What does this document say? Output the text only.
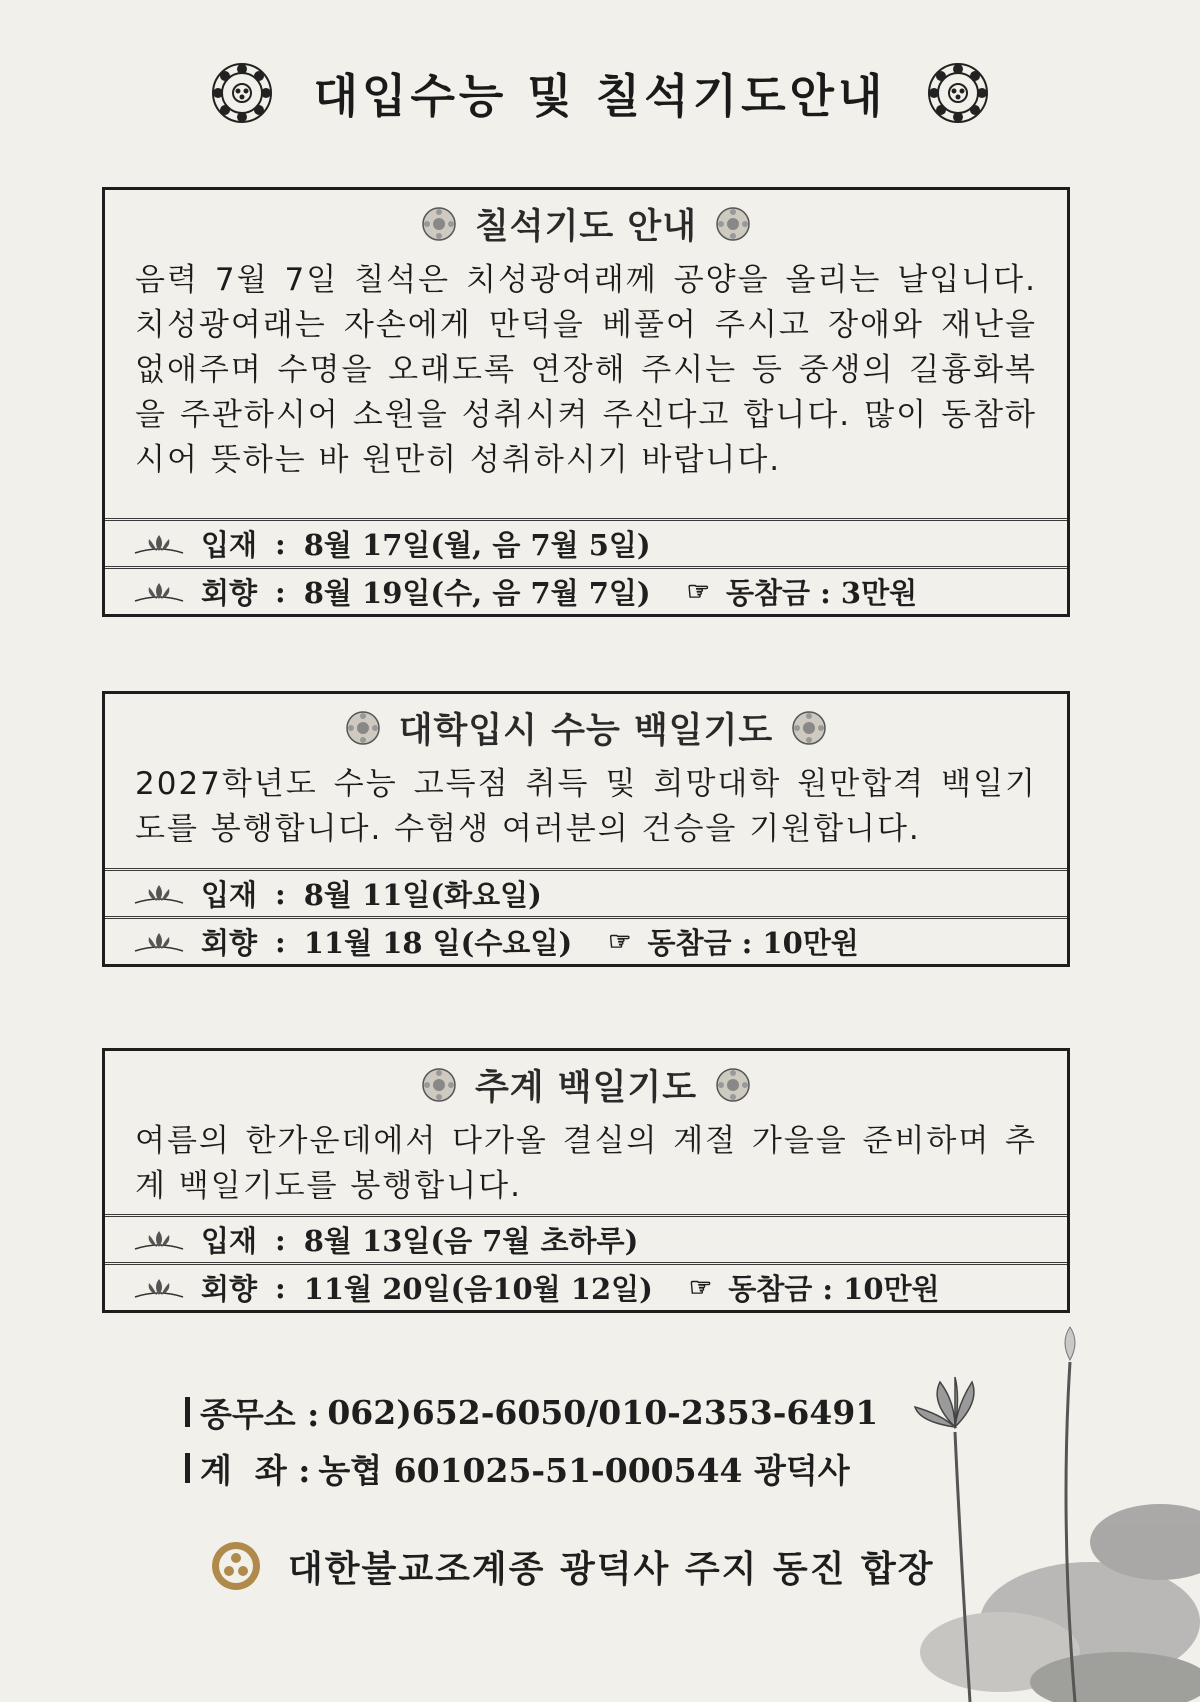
대입수능 및 칠석기도안내
칠석기도 안내

음력 7월 7일 칠석은 치성광여래께 공양을 올리는 날입니다. 치성광여래는 자손에게 만덕을 베풀어 주시고 장애와 재난을 없애주며 수명을 오래도록 연장해 주시는 등 중생의 길흉화복을 주관하시어 소원을 성취시켜 주신다고 합니다. 많이 동참하시어 뜻하는 바 원만히 성취하시기 바랍니다.

입재 : 8월 17일(월, 음 7월 5일)
회향 : 8월 19일(수, 음 7월 7일) ☞ 동참금 : 3만원
대학입시 수능 백일기도

2027학년도 수능 고득점 취득 및 희망대학 원만합격 백일기도를 봉행합니다. 수험생 여러분의 건승을 기원합니다.

입재 : 8월 11일(화요일)
회향 : 11월 18 일(수요일) ☞ 동참금 : 10만원
추계 백일기도

여름의 한가운데에서 다가올 결실의 계절 가을을 준비하며 추계 백일기도를 봉행합니다.

입재 : 8월 13일(음 7월 초하루)
회향 : 11월 20일(음10월 12일) ☞ 동참금 : 10만원
종무소 : 062)652-6050/010-2353-6491
계  좌 : 농협 601025-51-000544 광덕사
대한불교조계종 광덕사 주지 동진 합장
